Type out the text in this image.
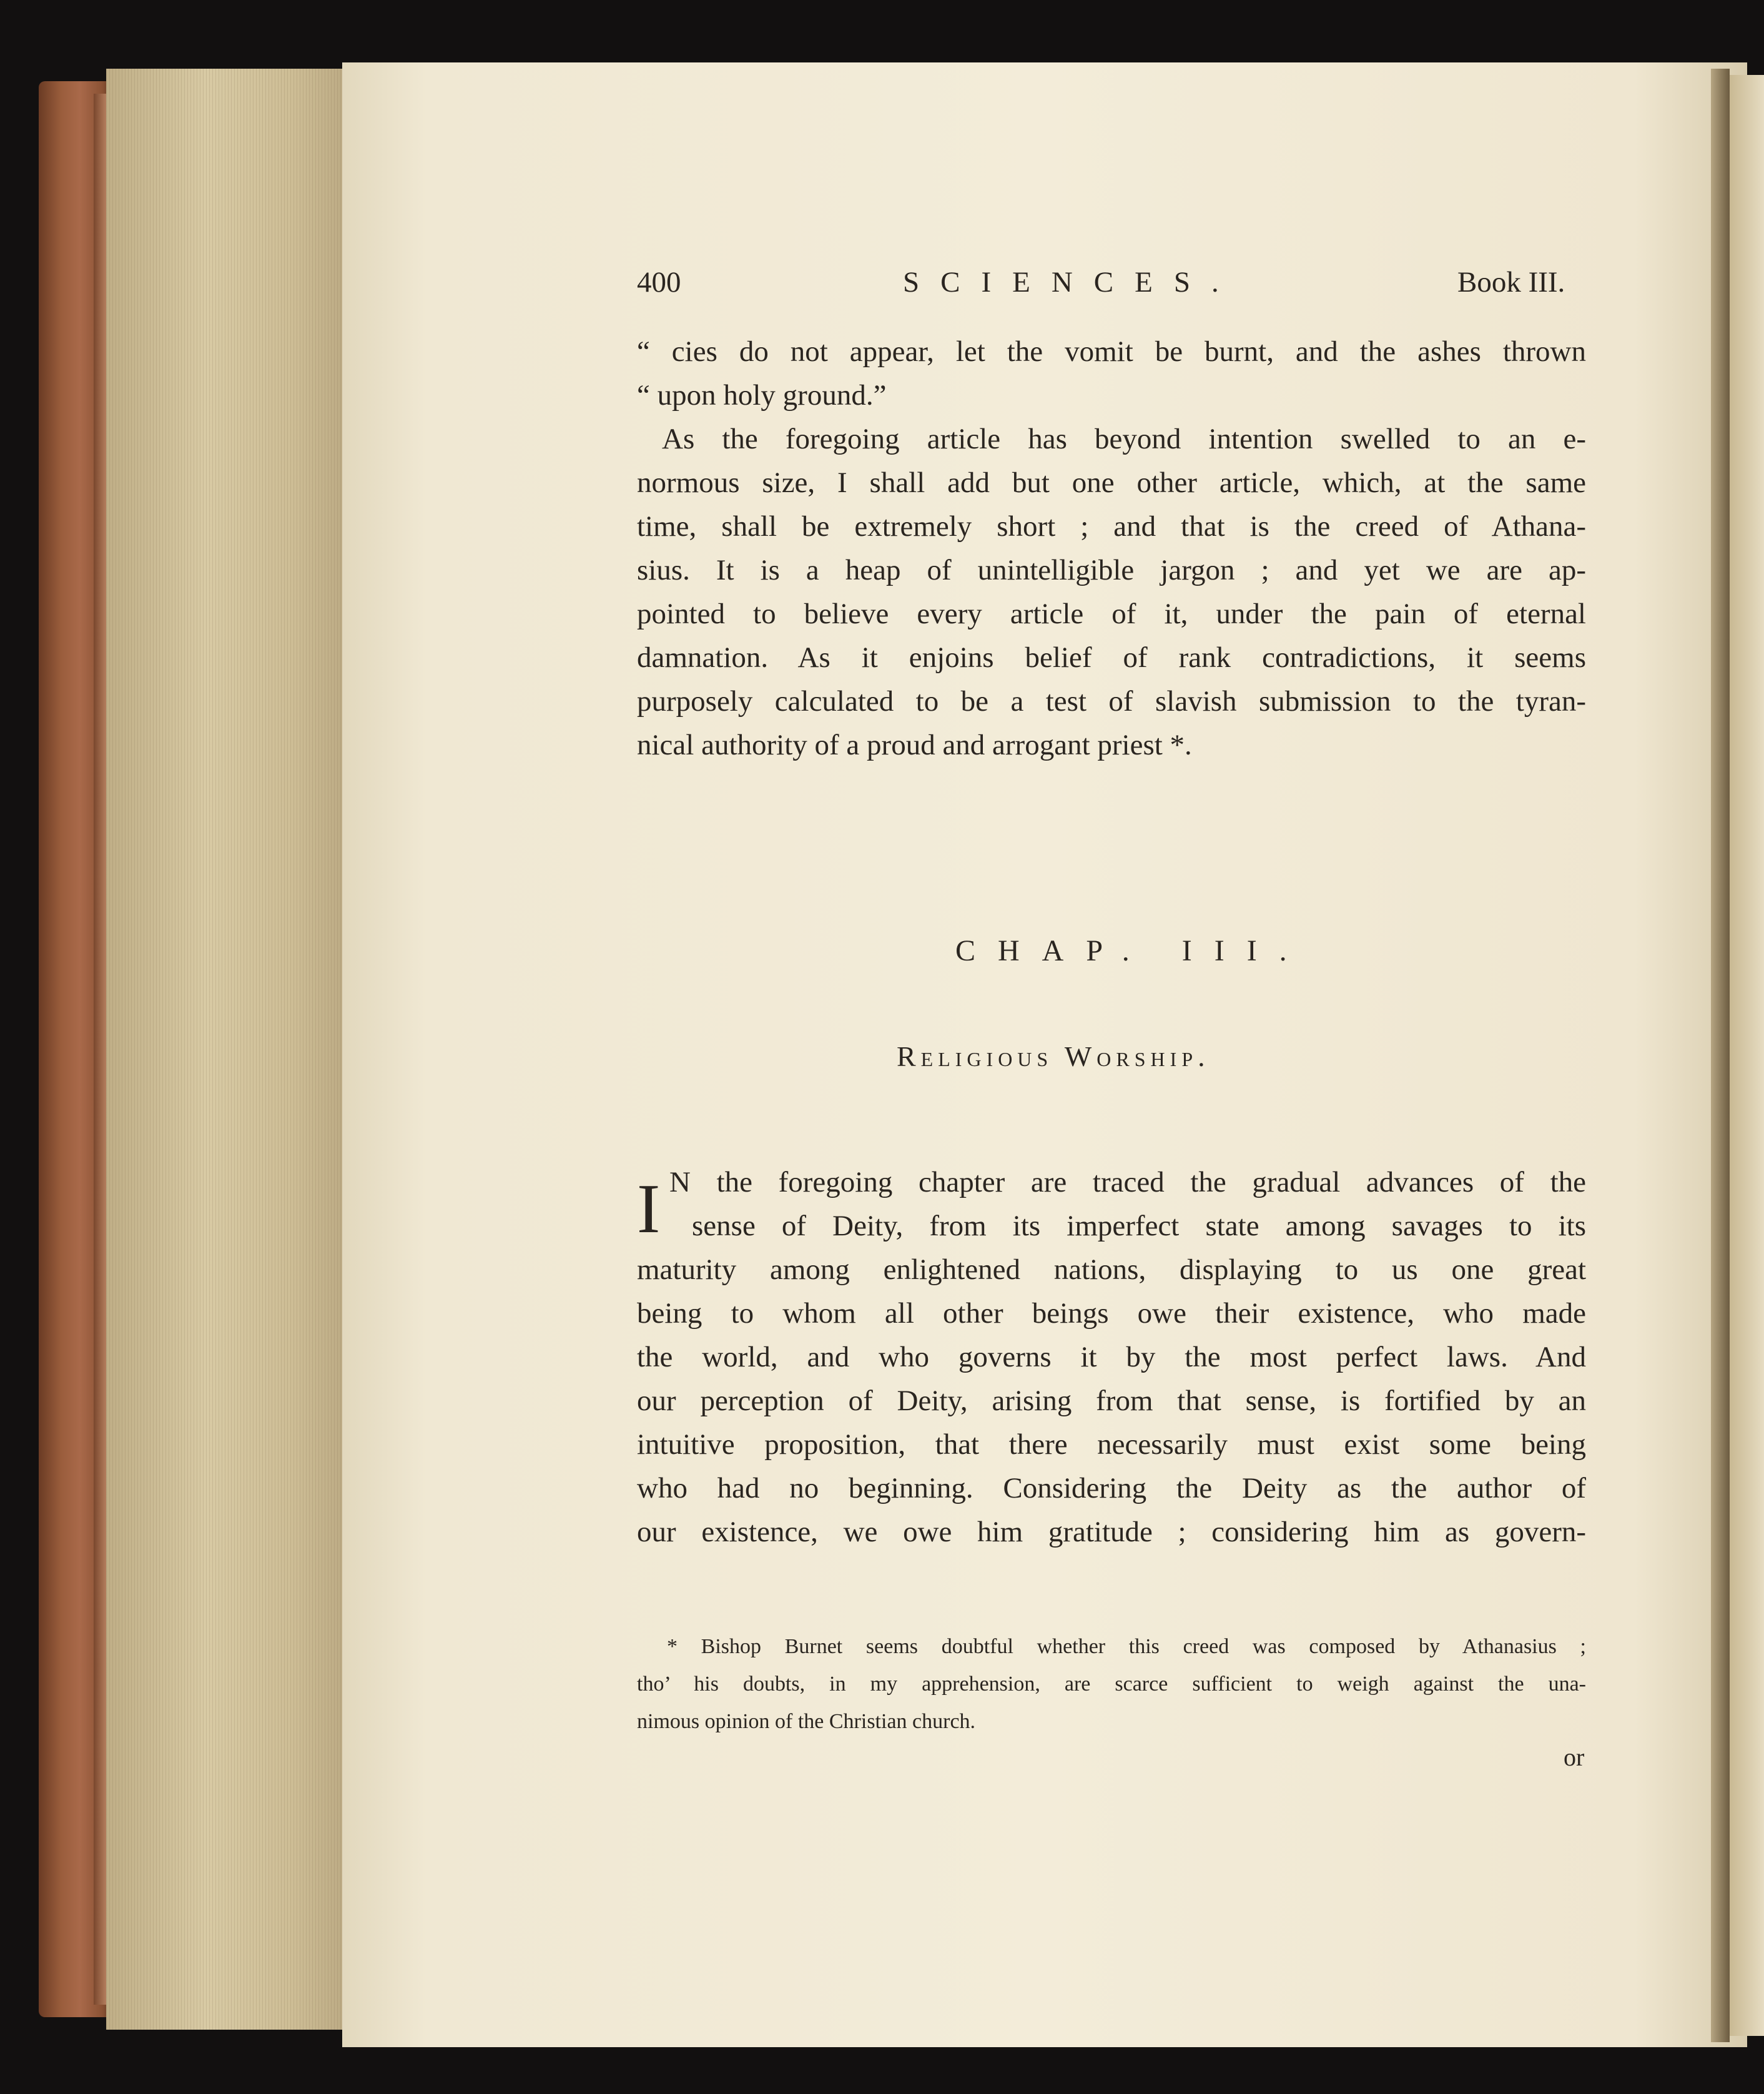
400	SCIENCES.	Book III.
“ cies do not appear, let the vomit be burnt, and the ashes thrown
“ upon holy ground.”
As the foregoing article has beyond intention swelled to an e-
normous size, I shall add but one other article, which, at the same
time, shall be extremely short ; and that is the creed of Athana-
sius. It is a heap of unintelligible jargon ; and yet we are ap-
pointed to believe every article of it, under the pain of eternal
damnation. As it enjoins belief of rank contradictions, it seems
purposely calculated to be a test of slavish submission to the tyran-
nical authority of a proud and arrogant priest *.
CHAP. III.
Religious Worship.
I N the foregoing chapter are traced the gradual advances of the
sense of Deity, from its imperfect state among savages to its
maturity among enlightened nations, displaying to us one great
being to whom all other beings owe their existence, who made
the world, and who governs it by the most perfect laws. And
our perception of Deity, arising from that sense, is fortified by an
intuitive proposition, that there necessarily must exist some being
who had no beginning. Considering the Deity as the author of
our existence, we owe him gratitude ; considering him as govern-
* Bishop Burnet seems doubtful whether this creed was composed by Athanasius ;
tho’ his doubts, in my apprehension, are scarce sufficient to weigh against the una-
nimous opinion of the Christian church.
or
